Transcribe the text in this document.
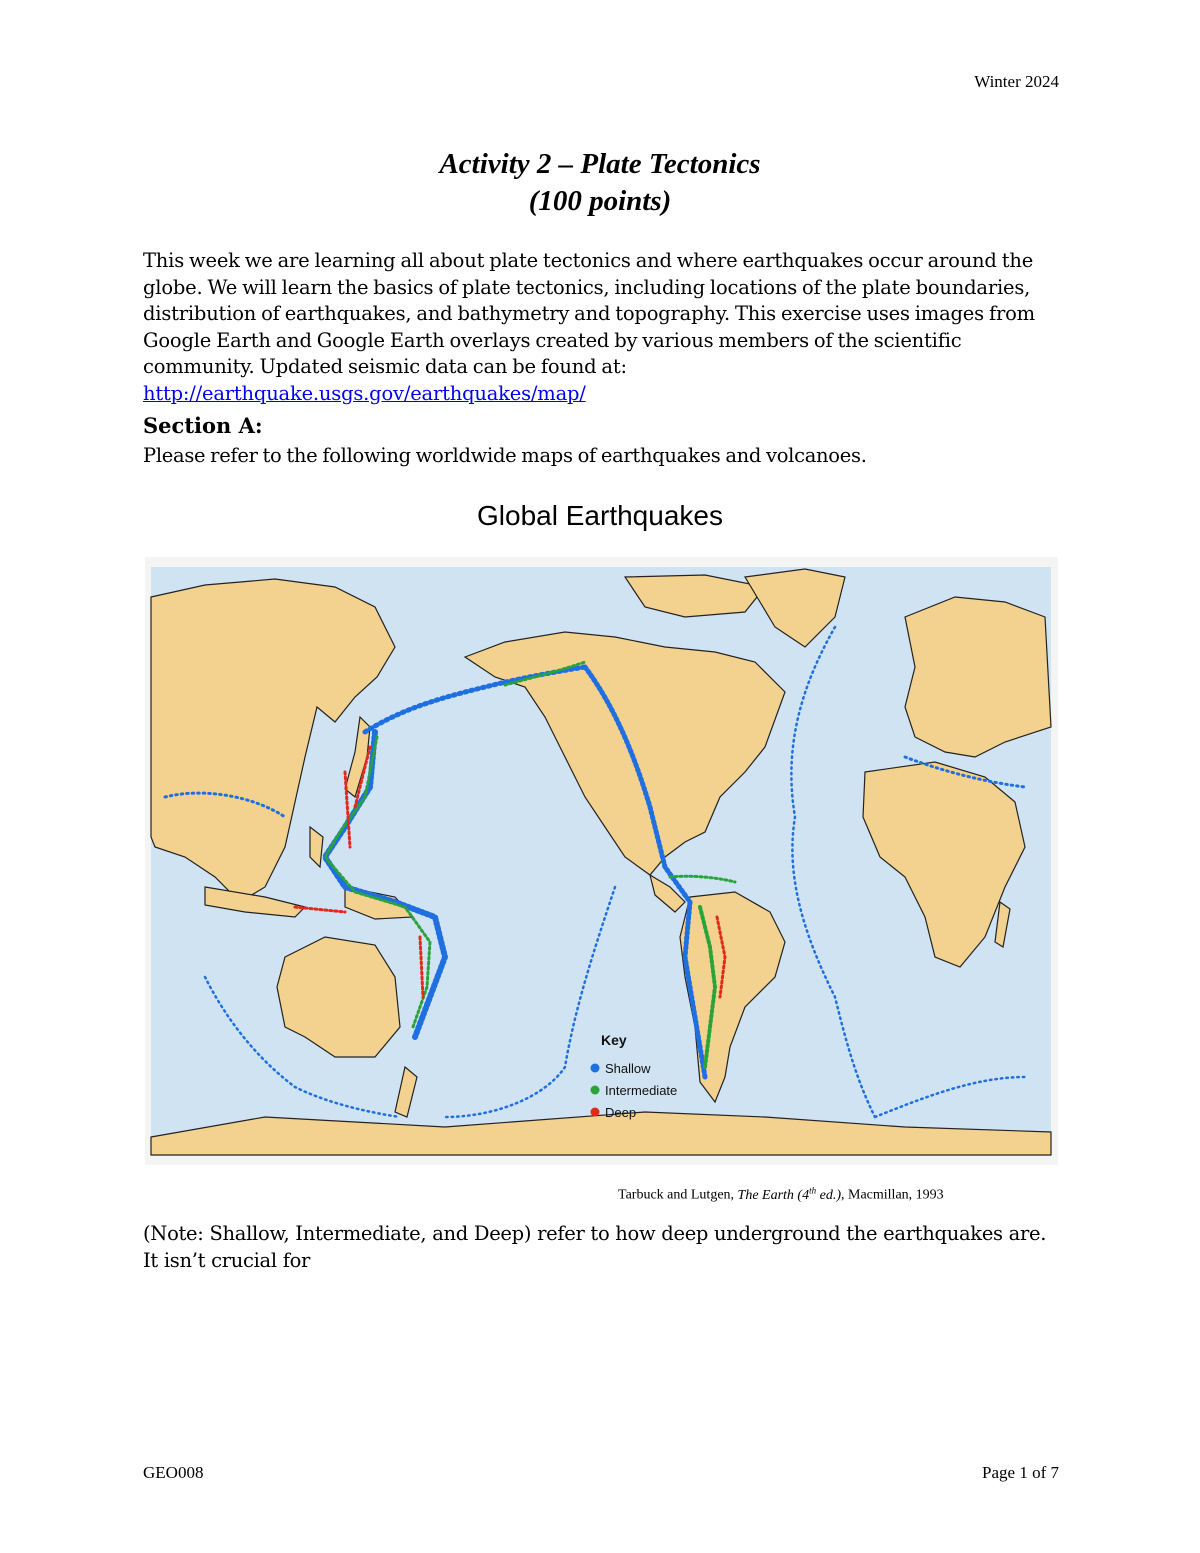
Winter 2024
Activity 2 – Plate Tectonics
(100 points)
This week we are learning all about plate tectonics and where earthquakes occur around the globe. We will learn the basics of plate tectonics, including locations of the plate boundaries, distribution of earthquakes, and bathymetry and topography. This exercise uses images from Google Earth and Google Earth overlays created by various members of the scientific community. Updated seismic data can be found at: http://earthquake.usgs.gov/earthquakes/map/
Section A:
Please refer to the following worldwide maps of earthquakes and volcanoes.
Global Earthquakes
Key
Shallow
Intermediate
Deep
Tarbuck and Lutgen, The Earth (4th ed.), Macmillan, 1993
(Note: Shallow, Intermediate, and Deep) refer to how deep underground the earthquakes are. It isn’t crucial for
GEO008	Page 1 of 7
